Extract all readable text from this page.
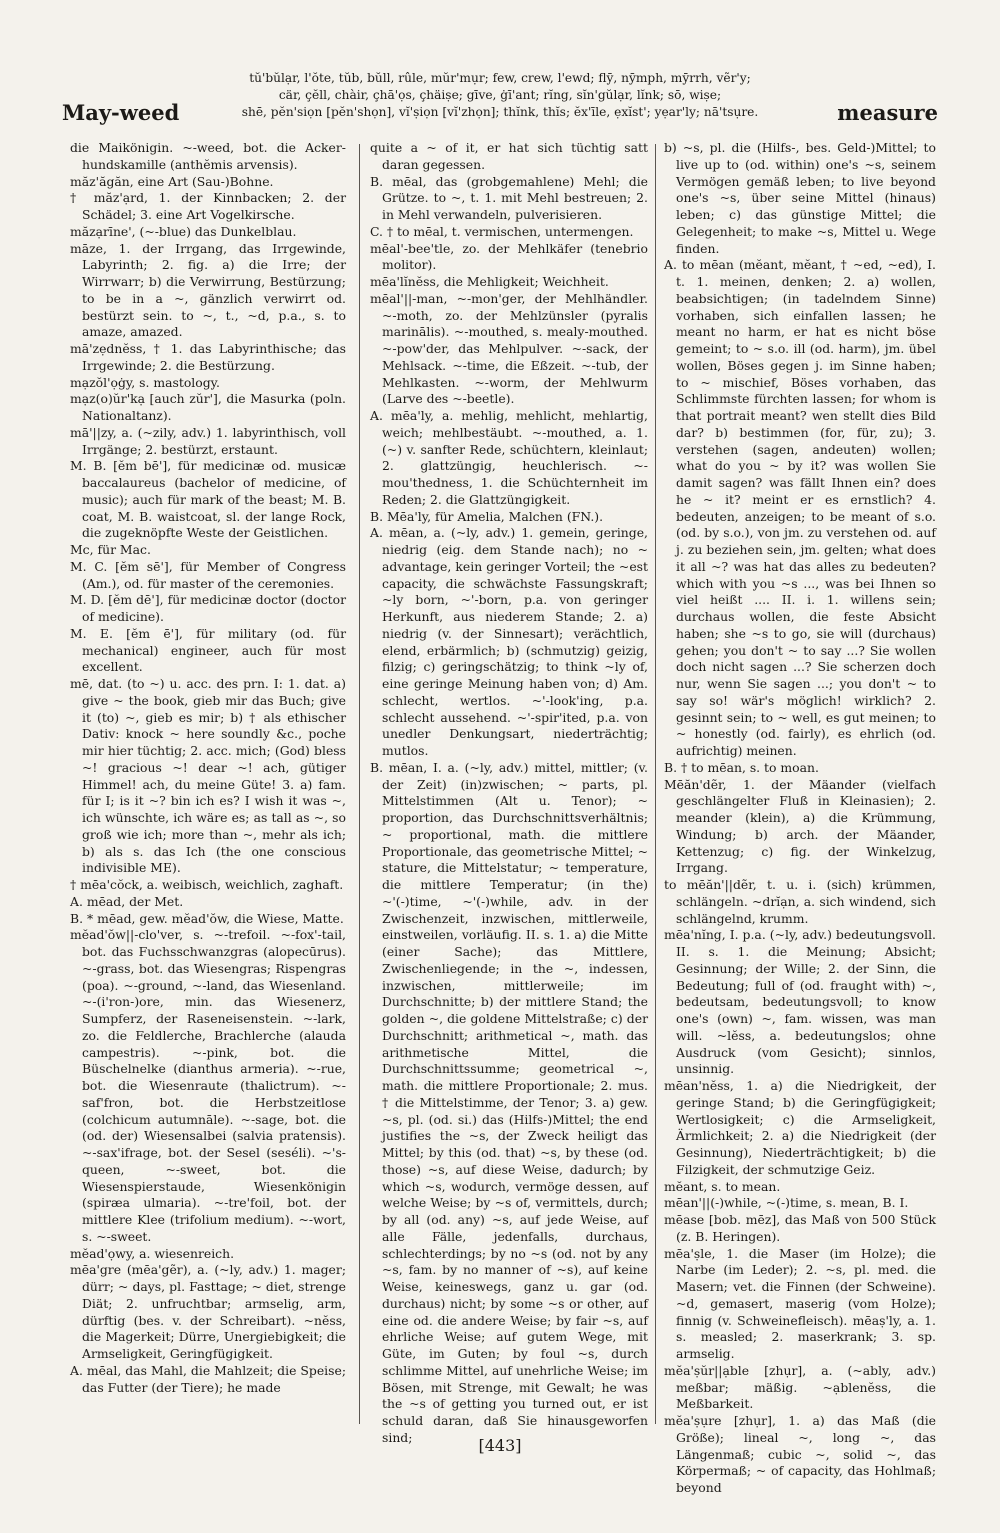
May-weed
tŭ'bŭlạr, l'ŏte, tŭb, bŭll, rûle, mŭr'mụr; few, crew, l'ewd; flȳ, nȳmph, mȳrrh, vẽr'y;
cär, çĕll, chàir, çhā'ọs, çhäiṣe; gīve, ġī'ant; rĭng, sĭn'gŭlạr, lĭnk; sō, wiṣe;
shē, pĕn'siọn [pĕn'shọn], vĭ'ṣiọn [vĭ'zhọn]; thĭnk, thĭs; ĕx'īle, ẹxĭst'; yẹar'ly; nā'tsụre.	measure

die Maikönigin. ~-weed, bot. die Acker-hundskamille (anthĕmis arvensis).

măz'ăgăn, eine Art (Sau-)Bohne.

† măz'ạrd, 1. der Kinnbacken; 2. der Schädel; 3. eine Art Vogelkirsche.

măzạrīne', (~-blue) das Dunkelblau.

māze, 1. der Irrgang, das Irrgewinde, Labyrinth; 2. fig. a) die Irre; der Wirrwarr; b) die Verwirrung, Bestürzung; to be in a ~, gänzlich verwirrt od. bestürzt sein. to ~, t., ~d, p.a., s. to amaze, amazed.

mā'zẹdnĕss, † 1. das Labyrinthische; das Irrgewinde; 2. die Bestürzung.

mạzŏl'ọġy, s. mastology.

mạz(o)ŭr'kạ [auch zŭr'], die Masurka (poln. Nationaltanz).

mā'||zy, a. (~zily, adv.) 1. labyrinthisch, voll Irrgänge; 2. bestürzt, erstaunt.

M. B. [ĕm bē'], für medicinæ od. musicæ baccalaureus (bachelor of medicine, of music); auch für mark of the beast; M. B. coat, M. B. waistcoat, sl. der lange Rock, die zugeknöpfte Weste der Geistlichen.

Mc, für Mac.

M. C. [ĕm sē'], für Member of Congress (Am.), od. für master of the ceremonies.

M. D. [ĕm dē'], für medicinæ doctor (doctor of medicine).

M. E. [ĕm ē'], für military (od. für mechanical) engineer, auch für most excellent.

mē, dat. (to ~) u. acc. des prn. I: 1. dat. a) give ~ the book, gieb mir das Buch; give it (to) ~, gieb es mir; b) † als ethischer Dativ: knock ~ here soundly &c., poche mir hier tüchtig; 2. acc. mich; (God) bless ~! gracious ~! dear ~! ach, gütiger Himmel! ach, du meine Güte! 3. a) fam. für I; is it ~? bin ich es? I wish it was ~, ich wünschte, ich wäre es; as tall as ~, so groß wie ich; more than ~, mehr als ich; b) als s. das Ich (the one conscious indivisible ME).

† mēa'cŏck, a. weibisch, weichlich, zaghaft.

A. mēad, der Met.

B. * mēad, gew. mĕad'ŏw, die Wiese, Matte.

mĕad'ŏw||-clo'ver, s. ~-trefoil. ~-fox'-tail, bot. das Fuchsschwanzgras (alopecūrus). ~-grass, bot. das Wiesengras; Rispengras (poa). ~-ground, ~-land, das Wiesenland. ~-(i'ron-)ore, min. das Wiesenerz, Sumpferz, der Raseneisenstein. ~-lark, zo. die Feldlerche, Brachlerche (alauda campestris). ~-pink, bot. die Büschelnelke (dianthus armeria). ~-rue, bot. die Wiesenraute (thalictrum). ~-saf'fron, bot. die Herbstzeitlose (colchicum autumnāle). ~-sage, bot. die (od. der) Wiesensalbei (salvia pratensis). ~-sax'ifrage, bot. der Sesel (seséli). ~'s-queen, ~-sweet, bot. die Wiesenspierstaude, Wiesenkönigin (spiræa ulmaria). ~-tre'foil, bot. der mittlere Klee (trifolium medium). ~-wort, s. ~-sweet.

mĕad'ọwy, a. wiesenreich.

mēa'gre (mēa'gẽr), a. (~ly, adv.) 1. mager; dürr; ~ days, pl. Fasttage; ~ diet, strenge Diät; 2. unfruchtbar; armselig, arm, dürftig (bes. v. der Schreibart). ~nĕss, die Magerkeit; Dürre, Unergiebigkeit; die Armseligkeit, Geringfügigkeit.

A. mēal, das Mahl, die Mahlzeit; die Speise; das Futter (der Tiere); he made

quite a ~ of it, er hat sich tüchtig satt daran gegessen.

B. mēal, das (grobgemahlene) Mehl; die Grütze. to ~, t. 1. mit Mehl bestreuen; 2. in Mehl verwandeln, pulverisieren.

C. † to mēal, t. vermischen, untermengen.

mēal'-bee'tle, zo. der Mehlkäfer (tenebrio molitor).

mēa'lĭnĕss, die Mehligkeit; Weichheit.

mēal'||-man, ~-mon'ger, der Mehlhändler. ~-moth, zo. der Mehlzünsler (pyralis marinālis). ~-mouthed, s. mealy-mouthed. ~-pow'der, das Mehlpulver. ~-sack, der Mehlsack. ~-time, die Eßzeit. ~-tub, der Mehlkasten. ~-worm, der Mehlwurm (Larve des ~-beetle).

A. mēa'ly, a. mehlig, mehlicht, mehlartig, weich; mehlbestäubt. ~-mouthed, a. 1. (~) v. sanfter Rede, schüchtern, kleinlaut; 2. glattzüngig, heuchlerisch. ~-mou'thedness, 1. die Schüchternheit im Reden; 2. die Glattzüngigkeit.

B. Mēa'ly, für Amelia, Malchen (FN.).

A. mēan, a. (~ly, adv.) 1. gemein, geringe, niedrig (eig. dem Stande nach); no ~ advantage, kein geringer Vorteil; the ~est capacity, die schwächste Fassungskraft; ~ly born, ~'-born, p.a. von geringer Herkunft, aus niederem Stande; 2. a) niedrig (v. der Sinnesart); verächtlich, elend, erbärmlich; b) (schmutzig) geizig, filzig; c) geringschätzig; to think ~ly of, eine geringe Meinung haben von; d) Am. schlecht, wertlos. ~'-look'ing, p.a. schlecht aussehend. ~'-spir'ited, p.a. von unedler Denkungsart, niederträchtig; mutlos.

B. mēan, I. a. (~ly, adv.) mittel, mittler; (v. der Zeit) (in)zwischen; ~ parts, pl. Mittelstimmen (Alt u. Tenor); ~ proportion, das Durchschnittsverhältnis; ~ proportional, math. die mittlere Proportionale, das geometrische Mittel; ~ stature, die Mittelstatur; ~ temperature, die mittlere Temperatur; (in the) ~'(-)time, ~'(-)while, adv. in der Zwischenzeit, inzwischen, mittlerweile, einstweilen, vorläufig. II. s. 1. a) die Mitte (einer Sache); das Mittlere, Zwischenliegende; in the ~, indessen, inzwischen, mittlerweile; im Durchschnitte; b) der mittlere Stand; the golden ~, die goldene Mittelstraße; c) der Durchschnitt; arithmetical ~, math. das arithmetische Mittel, die Durchschnittssumme; geometrical ~, math. die mittlere Proportionale; 2. mus. † die Mittelstimme, der Tenor; 3. a) gew. ~s, pl. (od. si.) das (Hilfs-)Mittel; the end justifies the ~s, der Zweck heiligt das Mittel; by this (od. that) ~s, by these (od. those) ~s, auf diese Weise, dadurch; by which ~s, wodurch, vermöge dessen, auf welche Weise; by ~s of, vermittels, durch; by all (od. any) ~s, auf jede Weise, auf alle Fälle, jedenfalls, durchaus, schlechterdings; by no ~s (od. not by any ~s, fam. by no manner of ~s), auf keine Weise, keineswegs, ganz u. gar (od. durchaus) nicht; by some ~s or other, auf eine od. die andere Weise; by fair ~s, auf ehrliche Weise; auf gutem Wege, mit Güte, im Guten; by foul ~s, durch schlimme Mittel, auf unehrliche Weise; im Bösen, mit Strenge, mit Gewalt; he was the ~s of getting you turned out, er ist schuld daran, daß Sie hinausgeworfen sind;

b) ~s, pl. die (Hilfs-, bes. Geld-)Mittel; to live up to (od. within) one's ~s, seinem Vermögen gemäß leben; to live beyond one's ~s, über seine Mittel (hinaus) leben; c) das günstige Mittel; die Gelegenheit; to make ~s, Mittel u. Wege finden.

A. to mēan (mĕant, mĕant, † ~ed, ~ed), I. t. 1. meinen, denken; 2. a) wollen, beabsichtigen; (in tadelndem Sinne) vorhaben, sich einfallen lassen; he meant no harm, er hat es nicht böse gemeint; to ~ s.o. ill (od. harm), jm. übel wollen, Böses gegen j. im Sinne haben; to ~ mischief, Böses vorhaben, das Schlimmste fürchten lassen; for whom is that portrait meant? wen stellt dies Bild dar? b) bestimmen (for, für, zu); 3. verstehen (sagen, andeuten) wollen; what do you ~ by it? was wollen Sie damit sagen? was fällt Ihnen ein? does he ~ it? meint er es ernstlich? 4. bedeuten, anzeigen; to be meant of s.o. (od. by s.o.), von jm. zu verstehen od. auf j. zu beziehen sein, jm. gelten; what does it all ~? was hat das alles zu bedeuten? which with you ~s ..., was bei Ihnen so viel heißt .... II. i. 1. willens sein; durchaus wollen, die feste Absicht haben; she ~s to go, sie will (durchaus) gehen; you don't ~ to say ...? Sie wollen doch nicht sagen ...? Sie scherzen doch nur, wenn Sie sagen ...; you don't ~ to say so! wär's möglich! wirklich? 2. gesinnt sein; to ~ well, es gut meinen; to ~ honestly (od. fairly), es ehrlich (od. aufrichtig) meinen.

B. † to mēan, s. to moan.

Mēăn'dẽr, 1. der Mäander (vielfach geschlängelter Fluß in Kleinasien); 2. meander (klein), a) die Krümmung, Windung; b) arch. der Mäander, Kettenzug; c) fig. der Winkelzug, Irrgang.

to mēăn'||dẽr, t. u. i. (sich) krümmen, schlängeln. ~drĭạn, a. sich windend, sich schlängelnd, krumm.

mēa'nĭng, I. p.a. (~ly, adv.) bedeutungsvoll. II. s. 1. die Meinung; Absicht; Gesinnung; der Wille; 2. der Sinn, die Bedeutung; full of (od. fraught with) ~, bedeutsam, bedeutungsvoll; to know one's (own) ~, fam. wissen, was man will. ~lĕss, a. bedeutungslos; ohne Ausdruck (vom Gesicht); sinnlos, unsinnig.

mēan'nĕss, 1. a) die Niedrigkeit, der geringe Stand; b) die Geringfügigkeit; Wertlosigkeit; c) die Armseligkeit, Ärmlichkeit; 2. a) die Niedrigkeit (der Gesinnung), Niederträchtigkeit; b) die Filzigkeit, der schmutzige Geiz.

mĕant, s. to mean.

mēan'||(-)while, ~(-)time, s. mean, B. I.

mēase [bob. mēz], das Maß von 500 Stück (z. B. Heringen).

mēa'ṣle, 1. die Maser (im Holze); die Narbe (im Leder); 2. ~s, pl. med. die Masern; vet. die Finnen (der Schweine). ~d, gemasert, maserig (vom Holze); finnig (v. Schweinefleisch). mēaṣ'ly, a. 1. s. measled; 2. maserkrank; 3. sp. armselig.

mĕa'ṣŭr||ạble [zhụr], a. (~ably, adv.) meßbar; mäßig. ~ạblenĕss, die Meßbarkeit.

mĕa'ṣụre [zhụr], 1. a) das Maß (die Größe); lineal ~, long ~, das Längenmaß; cubic ~, solid ~, das Körpermaß; ~ of capacity, das Hohlmaß; beyond

[443]
